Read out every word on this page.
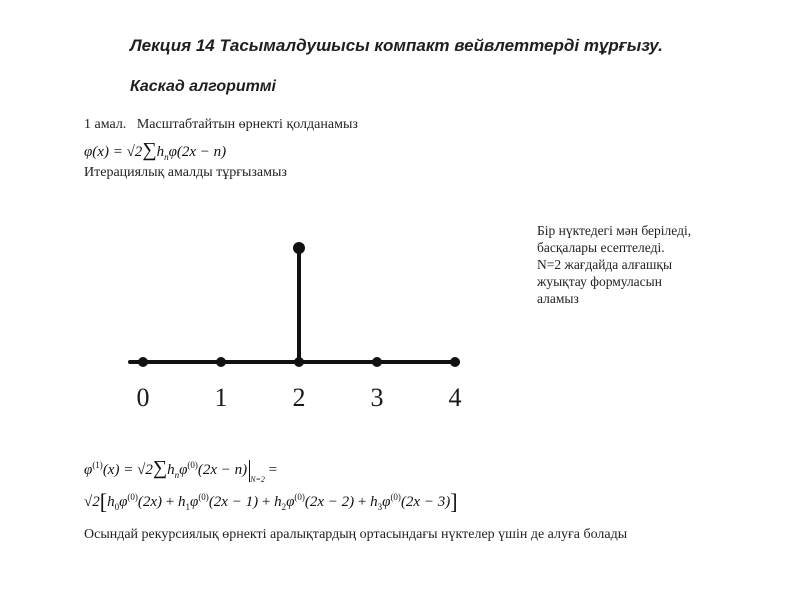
Лекция 14 Тасымалдушысы компакт вейвлеттерді тұрғызу.
Каскад алгоритмі
1 амал. Масштабтайтын өрнекті қолданамыз
$\varphi(x) = √2\sum h_n\varphi(2x - n)$
Итерациялық амалды тұрғызамыз
Бір нүктедегі мән беріледі,
басқалары есептеледі.
N=2 жағдайда алғашқы
жуықтау формуласын
аламыз
0	1	2	3	4
$\varphi^{(1)}(x) = √2\sum h_n\varphi^{(0)}(2x - n)_{N=2}$ =
$√2[h_0\varphi^{(0)}(2x) + h_1\varphi^{(0)}(2x - 1) + h_2\varphi^{(0)}(2x - 2) + h_3\varphi^{(0)}(2x - 3)]$
Осындай рекурсиялық өрнекті аралықтардың ортасындағы нүктелер үшін де алуға болады
